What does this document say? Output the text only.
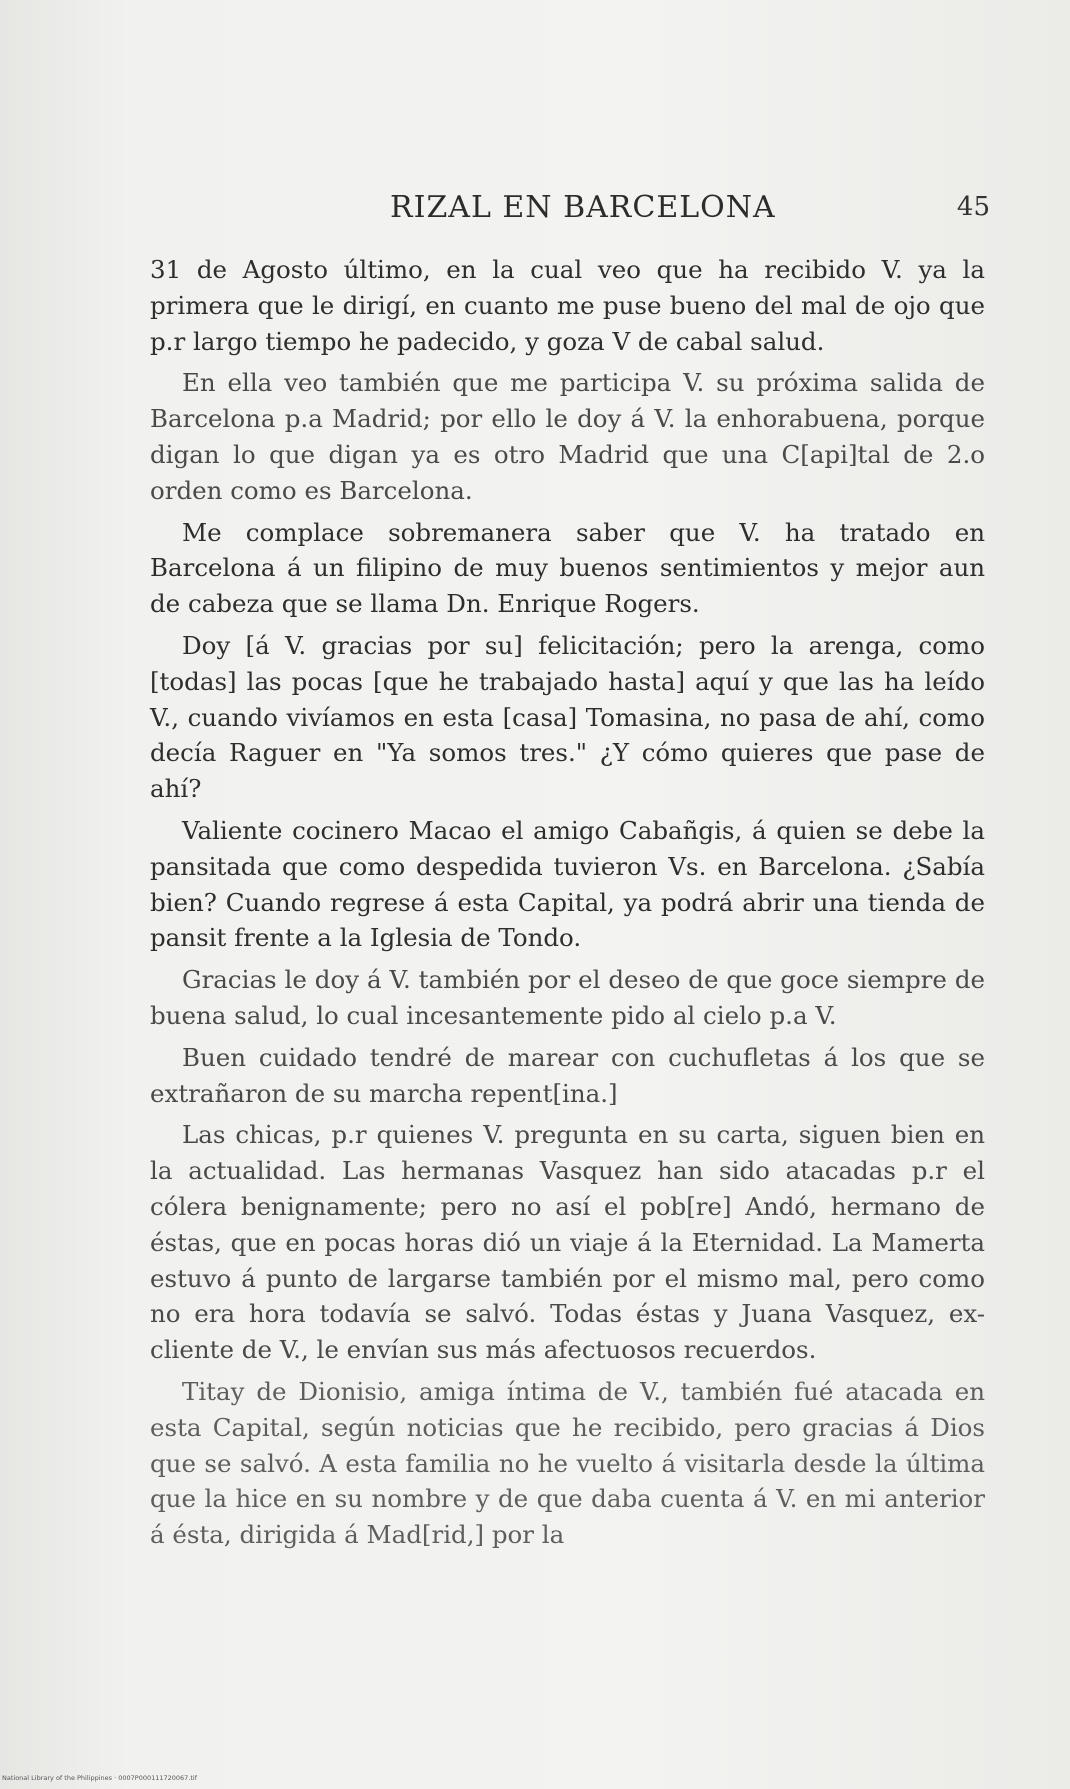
RIZAL EN BARCELONA	45

31 de Agosto último, en la cual veo que ha recibido V. ya la primera que le dirigí, en cuanto me puse bueno del mal de ojo que p.r largo tiempo he padecido, y goza V de cabal salud.

En ella veo también que me participa V. su próxima salida de Barcelona p.a Madrid; por ello le doy á V. la enhorabuena, porque digan lo que digan ya es otro Madrid que una C[api]tal de 2.o orden como es Barcelona.

Me complace sobremanera saber que V. ha tratado en Barcelona á un filipino de muy buenos sentimientos y mejor aun de cabeza que se llama Dn. Enrique Rogers.

Doy [á V. gracias por su] felicitación; pero la arenga, como [todas] las pocas [que he trabajado hasta] aquí y que las ha leído V., cuando vivíamos en esta [casa] Tomasina, no pasa de ahí, como decía Raguer en "Ya somos tres." ¿Y cómo quieres que pase de ahí?

Valiente cocinero Macao el amigo Cabañgis, á quien se debe la pansitada que como despedida tuvieron Vs. en Barcelona. ¿Sabía bien? Cuando regrese á esta Capital, ya podrá abrir una tienda de pansit frente a la Iglesia de Tondo.

Gracias le doy á V. también por el deseo de que goce siempre de buena salud, lo cual incesantemente pido al cielo p.a V.

Buen cuidado tendré de marear con cuchufletas á los que se extrañaron de su marcha repent[ina.]

Las chicas, p.r quienes V. pregunta en su carta, siguen bien en la actualidad. Las hermanas Vasquez han sido atacadas p.r el cólera benignamente; pero no así el pob[re] Andó, hermano de éstas, que en pocas horas dió un viaje á la Eternidad. La Mamerta estuvo á punto de largarse también por el mismo mal, pero como no era hora todavía se salvó. Todas éstas y Juana Vasquez, ex-cliente de V., le envían sus más afectuosos recuerdos.

Titay de Dionisio, amiga íntima de V., también fué atacada en esta Capital, según noticias que he recibido, pero gracias á Dios que se salvó. A esta familia no he vuelto á visitarla desde la última que la hice en su nombre y de que daba cuenta á V. en mi anterior á ésta, dirigida á Mad[rid,] por la

National Library of the Philippines · 0007P000111720067.tif
